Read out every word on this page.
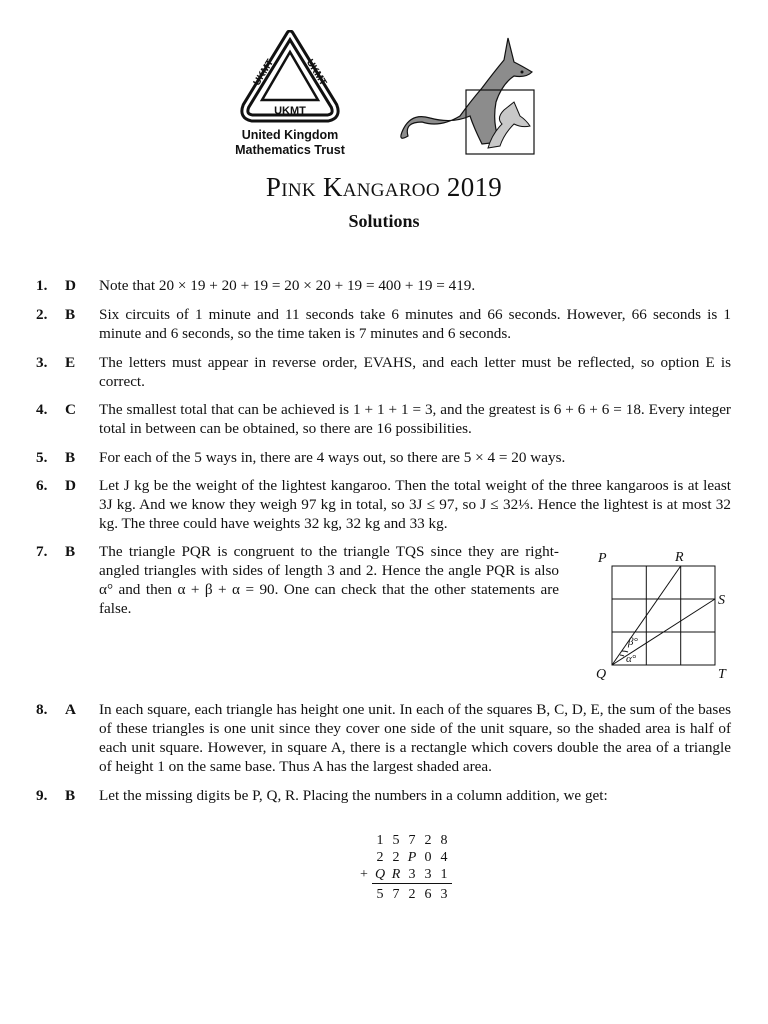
UKMT
UKMT	UKMT
United Kingdom
Mathematics Trust
Pink Kangaroo 2019
Solutions
1. D Note that 20 × 19 + 20 + 19 = 20 × 20 + 19 = 400 + 19 = 419.
2. B Six circuits of 1 minute and 11 seconds take 6 minutes and 66 seconds. However, 66 seconds is 1 minute and 6 seconds, so the time taken is 7 minutes and 6 seconds.
3. E The letters must appear in reverse order, EVAHS, and each letter must be reflected, so option E is correct.
4. C The smallest total that can be achieved is 1 + 1 + 1 = 3, and the greatest is 6 + 6 + 6 = 18. Every integer total in between can be obtained, so there are 16 possibilities.
5. B For each of the 5 ways in, there are 4 ways out, so there are 5 × 4 = 20 ways.
6. D Let J kg be the weight of the lightest kangaroo. Then the total weight of the three kangaroos is at least 3J kg. And we know they weigh 97 kg in total, so 3J ≤ 97, so J ≤ 32⅓. Hence the lightest is at most 32 kg. The three could have weights 32 kg, 32 kg and 33 kg.
7. B The triangle PQR is congruent to the triangle TQS since they are right-angled triangles with sides of length 3 and 2. Hence the angle PQR is also α° and then α + β + α = 90. One can check that the other statements are false.
P	R
S
Q	T
β°
α°
8. A In each square, each triangle has height one unit. In each of the squares B, C, D, E, the sum of the bases of these triangles is one unit since they cover one side of the unit square, so the shaded area is half of each unit square. However, in square A, there is a rectangle which covers double the area of a triangle of height 1 on the same base. Thus A has the largest shaded area.
9. B Let the missing digits be P, Q, R. Placing the numbers in a column addition, we get:
	1	5	7	2	8
	2	2	P	0	4
+	Q	R	3	3	1
	5	7	2	6	3
